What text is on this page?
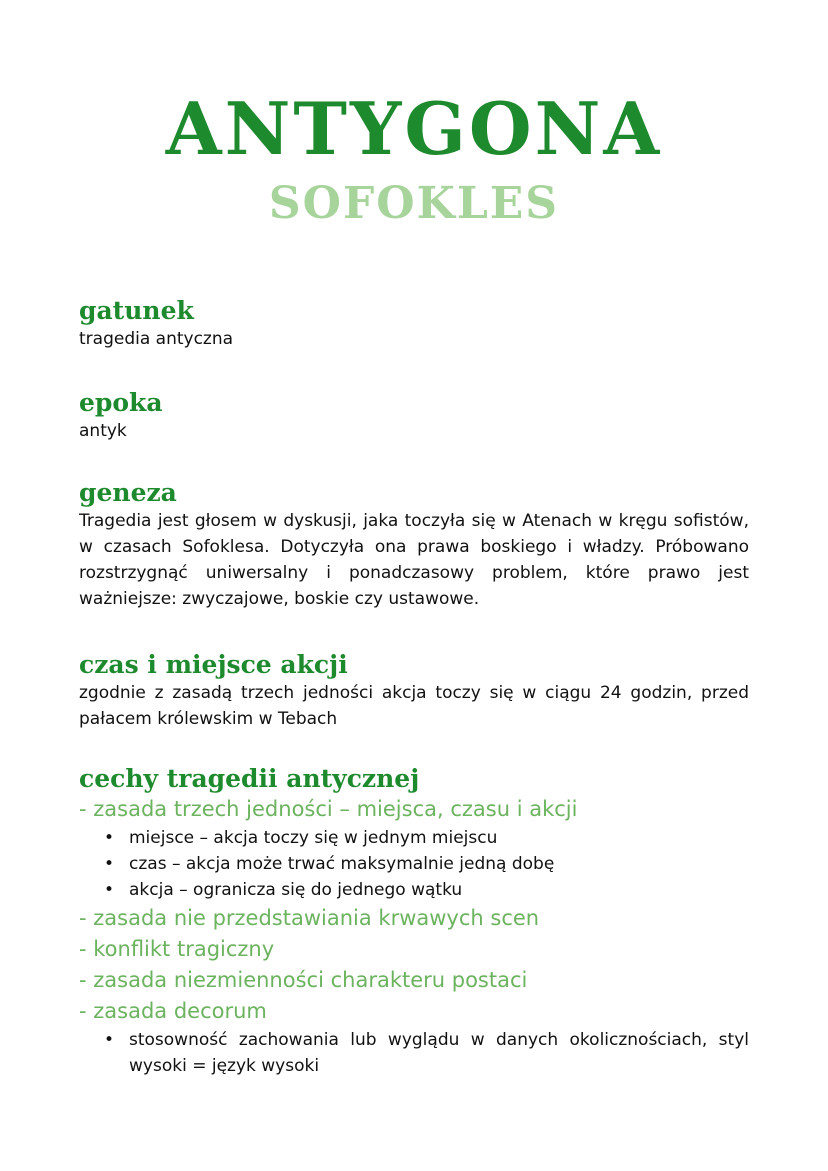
ANTYGONA
SOFOKLES
gatunek

tragedia antyczna

epoka

antyk

geneza

Tragedia jest głosem w dyskusji, jaka toczyła się w Atenach w kręgu sofistów, w czasach Sofoklesa. Dotyczyła ona prawa boskiego i władzy. Próbowano rozstrzygnąć uniwersalny i ponadczasowy problem, które prawo jest ważniejsze: zwyczajowe, boskie czy ustawowe.

czas i miejsce akcji

zgodnie z zasadą trzech jedności akcja toczy się w ciągu 24 godzin, przed pałacem królewskim w Tebach

cechy tragedii antycznej

- zasada trzech jedności – miejsca, czasu i akcji

• miejsce – akcja toczy się w jednym miejscu
• czas – akcja może trwać maksymalnie jedną dobę
• akcja – ogranicza się do jednego wątku

- zasada nie przedstawiania krwawych scen

- konflikt tragiczny

- zasada niezmienności charakteru postaci

- zasada decorum

• stosowność zachowania lub wyglądu w danych okolicznościach, styl wysoki = język wysoki
